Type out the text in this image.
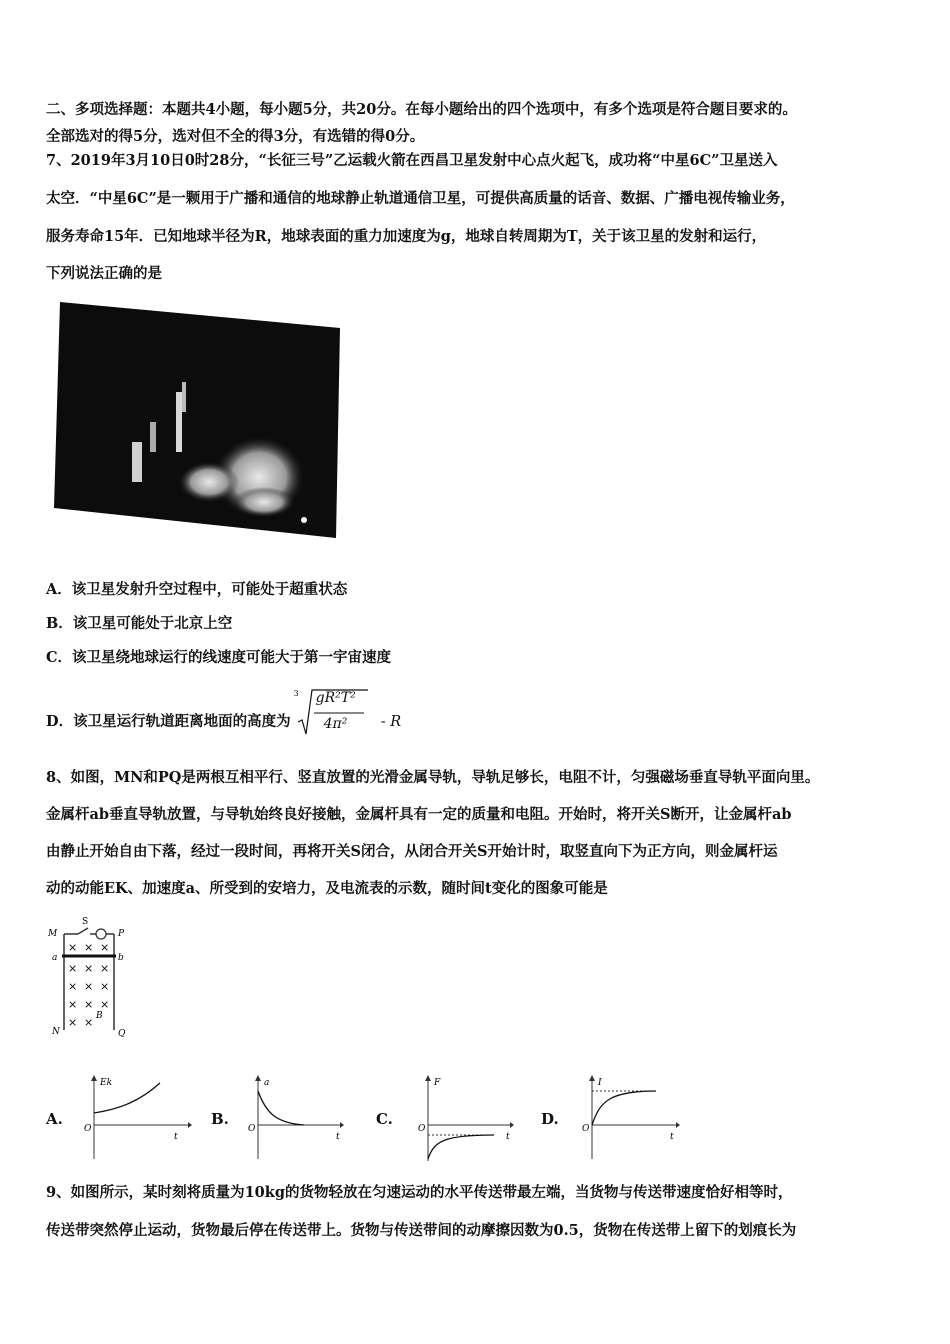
二、多项选择题：本题共4小题，每小题5分，共20分。在每小题给出的四个选项中，有多个选项是符合题目要求的。
全部选对的得5分，选对但不全的得3分，有选错的得0分。
7、2019年3月10日0时28分，“长征三号”乙运载火箭在西昌卫星发射中心点火起飞，成功将“中星6C”卫星送入
太空．“中星6C”是一颗用于广播和通信的地球静止轨道通信卫星，可提供高质量的话音、数据、广播电视传输业务，
服务寿命15年．已知地球半径为R，地球表面的重力加速度为g，地球自转周期为T，关于该卫星的发射和运行，
下列说法正确的是
A．该卫星发射升空过程中，可能处于超重状态
B．该卫星可能处于北京上空
C．该卫星绕地球运行的线速度可能大于第一宇宙速度
D．该卫星运行轨道距离地面的高度为
3 gR²T²
4π² - R
8、如图，MN和PQ是两根互相平行、竖直放置的光滑金属导轨，导轨足够长，电阻不计，匀强磁场垂直导轨平面向里。
金属杆ab垂直导轨放置，与导轨始终良好接触，金属杆具有一定的质量和电阻。开始时，将开关S断开，让金属杆ab
由静止开始自由下落，经过一段时间，再将开关S闭合，从闭合开关S开始计时，取竖直向下为正方向，则金属杆运
动的动能EK、加速度a、所受到的安培力，及电流表的示数，随时间t变化的图象可能是
M
S
P
a	b
N	Q
B
× × ×
× × ×
× × ×
× × ×
× ×
A.
Ek
O
t
B.
a
O
t
C.
F
O
t
D.
I
O
t
9、如图所示，某时刻将质量为10kg的货物轻放在匀速运动的水平传送带最左端，当货物与传送带速度恰好相等时，
传送带突然停止运动，货物最后停在传送带上。货物与传送带间的动摩擦因数为0.5，货物在传送带上留下的划痕长为
